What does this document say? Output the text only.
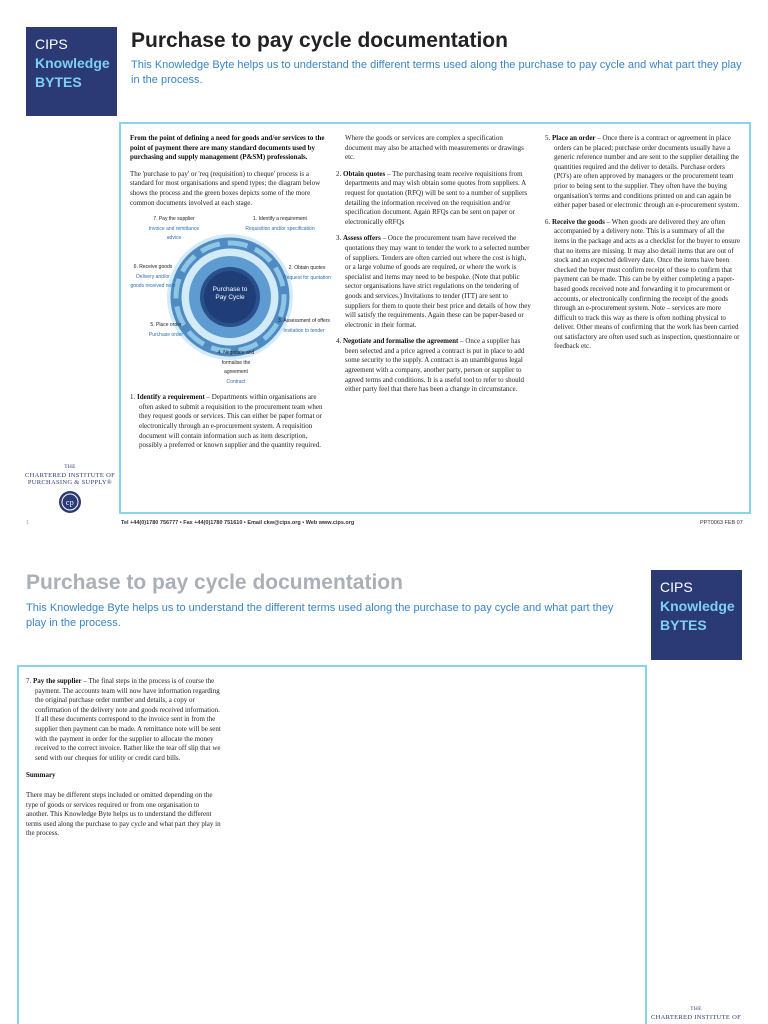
CIPS
Knowledge
BYTES
Purchase to pay cycle documentation
This Knowledge Byte helps us to understand the different terms used along the purchase to pay cycle and what part they play in the process.

From the point of defining a need for goods and/or services to the point of payment there are many standard documents used by purchasing and supply management (P&SM) professionals.

The 'purchase to pay' or 'req (requisition) to cheque' process is a standard for most organisations and spend types; the diagram below shows the process and the green boxes depicts some of the more common documents involved at each stage.

Purchase to
Pay Cycle
1. Identify a requirement
Requisition and/or specification
2. Obtain quotes
Request for quotation
3. Assessment of offers
Invitation to tender
4. Negotiate and formalise the agreement
Contract
5. Place order
Purchase order
6. Receive goods
Delivery and/or goods received note
7. Pay the supplier
Invoice and remittance advice
1. Identify a requirement – Departments within organisations are often asked to submit a requisition to the procurement team when they request goods or services. This can either be paper format or electronically through an e-procurement system. A requisition document will contain information such as item description, possibly a preferred or known supplier and the quantity required.

Where the goods or services are complex a specification document may also be attached with measurements or drawings etc.

2. Obtain quotes – The purchasing team receive requisitions from departments and may wish obtain some quotes from suppliers. A request for quotation (RFQ) will be sent to a number of suppliers detailing the information received on the requisition and/or specification document. Again RFQs can be sent on paper or electronically eRFQs
3. Assess offers – Once the procurement team have received the quotations they may want to tender the work to a selected number of suppliers. Tenders are often carried out where the cost is high, or a large volume of goods are required, or where the work is specialist and items may need to be bespoke. (Note that public sector organisations have strict regulations on the tendering of goods and services.) Invitations to tender (ITT) are sent to suppliers for them to quote their best price and details of how they will satisfy the requirements. Again these can be paper-based or electronic in their format.
4. Negotiate and formalise the agreement – Once a supplier has been selected and a price agreed a contract is put in place to add some security to the supply. A contract is an unambiguous legal agreement with a company, another party, person or supplier to agreed terms and conditions. It is a useful tool to refer to should either party feel that there has been a change in circumstance.
5. Place an order – Once there is a contract or agreement in place orders can be placed; purchase order documents usually have a generic reference number and are sent to the supplier detailing the quantities required and the deliver to details. Purchase orders (PO's) are often approved by managers or the procurement team prior to being sent to the supplier. They often have the buying organisation's terms and conditions printed on and can again be either paper based or electronic through an e-procurement system.
6. Receive the goods – When goods are delivered they are often accompanied by a delivery note. This is a summary of all the items in the package and acts as a checklist for the buyer to ensure that no items are missing. It may also detail items that are out of stock and an expected delivery date. Once the items have been checked the buyer must confirm receipt of these to confirm that payment can be made. This can be by either completing a paper-based goods received note and forwarding it to procurement or accounts, or electronically confirming the receipt of the goods through an e-procurement system. Note – services are more difficult to track this way as there is often nothing physical to deliver. Other means of confirming that the work has been carried out satisfactory are often used such as inspection, questionnaire or feedback etc.
THE
CHARTERED INSTITUTE OF
PURCHASING & SUPPLY®
cp
1	Tel +44(0)1780 756777 • Fax +44(0)1780 751610 • Email ckw@cips.org • Web www.cips.org	PPT0063 FEB 07
Purchase to pay cycle documentation
This Knowledge Byte helps us to understand the different terms used along the purchase to pay cycle and what part they play in the process.
CIPS
Knowledge
BYTES
7. Pay the supplier – The final steps in the process is of course the payment. The accounts team will now have information regarding the original purchase order number and details, a copy or confirmation of the delivery note and goods received information. If all these documents correspond to the invoice sent in from the supplier then payment can be made. A remittance note will be sent with the payment in order for the supplier to allocate the money received to the correct invoice. Rather like the tear off slip that we send with our cheques for utility or credit card bills.

Summary

There may be different steps included or omitted depending on the type of goods or services required or from one organisation to another. This Knowledge Byte helps us to understand the different terms used along the purchase to pay cycle and what part they play in the process.

THE
CHARTERED INSTITUTE OF
